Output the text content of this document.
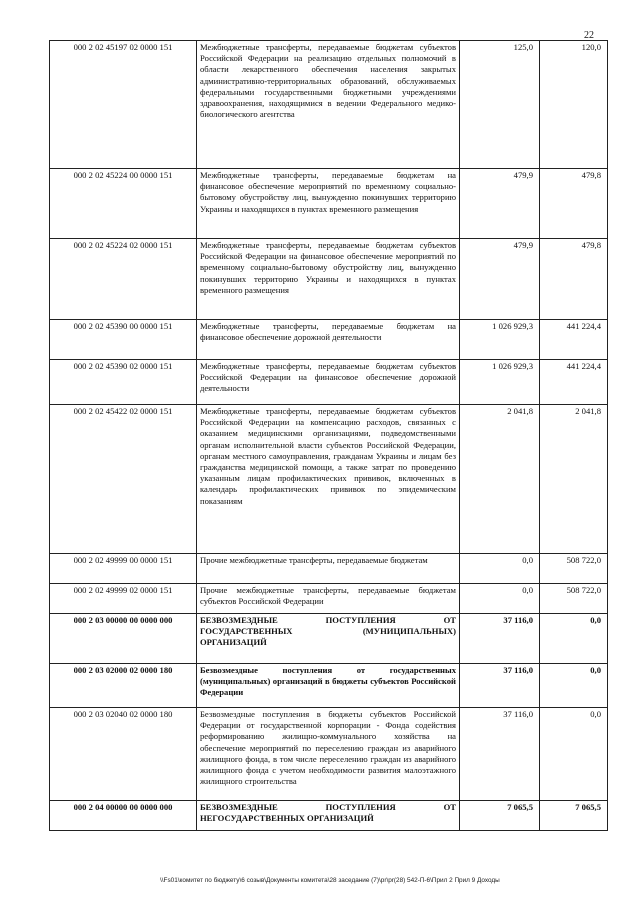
22
000 2 02 45197 02 0000 151	Межбюджетные трансферты, передаваемые бюджетам субъектов Российской Федерации на реализацию отдельных полномочий в области лекарственного обеспечения населения закрытых административно-территориальных образований, обслуживаемых федеральными государственными бюджетными учреждениями здравоохранения, находящимися в ведении Федерального медико-биологического агентства	125,0	120,0
000 2 02 45224 00 0000 151	Межбюджетные трансферты, передаваемые бюджетам на финансовое обеспечение мероприятий по временному социально-бытовому обустройству лиц, вынужденно покинувших территорию Украины и находящихся в пунктах временного размещения	479,9	479,8
000 2 02 45224 02 0000 151	Межбюджетные трансферты, передаваемые бюджетам субъектов Российской Федерации на финансовое обеспечение мероприятий по временному социально-бытовому обустройству лиц, вынужденно покинувших территорию Украины и находящихся в пунктах временного размещения	479,9	479,8
000 2 02 45390 00 0000 151	Межбюджетные трансферты, передаваемые бюджетам на финансовое обеспечение дорожной деятельности	1 026 929,3	441 224,4
000 2 02 45390 02 0000 151	Межбюджетные трансферты, передаваемые бюджетам субъектов Российской Федерации на финансовое обеспечение дорожной деятельности	1 026 929,3	441 224,4
000 2 02 45422 02 0000 151	Межбюджетные трансферты, передаваемые бюджетам субъектов Российской Федерации на компенсацию расходов, связанных с оказанием медицинскими организациями, подведомственными органам исполнительной власти субъектов Российской Федерации, органам местного самоуправления, гражданам Украины и лицам без гражданства медицинской помощи, а также затрат по проведению указанным лицам профилактических прививок, включенных в календарь профилактических прививок по эпидемическим показаниям	2 041,8	2 041,8
000 2 02 49999 00 0000 151	Прочие межбюджетные трансферты, передаваемые бюджетам	0,0	508 722,0
000 2 02 49999 02 0000 151	Прочие межбюджетные трансферты, передаваемые бюджетам субъектов Российской Федерации	0,0	508 722,0
000 2 03 00000 00 0000 000	БЕЗВОЗМЕЗДНЫЕ ПОСТУПЛЕНИЯ ОТ ГОСУДАРСТВЕННЫХ (МУНИЦИПАЛЬНЫХ) ОРГАНИЗАЦИЙ	37 116,0	0,0
000 2 03 02000 02 0000 180	Безвозмездные поступления от государственных (муниципальных) организаций в бюджеты субъектов Российской Федерации	37 116,0	0,0
000 2 03 02040 02 0000 180	Безвозмездные поступления в бюджеты субъектов Российской Федерации от государственной корпорации - Фонда содействия реформированию жилищно-коммунального хозяйства на обеспечение мероприятий по переселению граждан из аварийного жилищного фонда, в том числе переселению граждан из аварийного жилищного фонда с учетом необходимости развития малоэтажного жилищного строительства	37 116,0	0,0
000 2 04 00000 00 0000 000	БЕЗВОЗМЕЗДНЫЕ ПОСТУПЛЕНИЯ ОТ НЕГОСУДАРСТВЕННЫХ ОРГАНИЗАЦИЙ	7 065,5	7 065,5
\\Fs01\комитет по бюджету\6 созыв\Документы комитета\28 заседание (7)\pr\pr(28) 542-П-6\Прил 2 Прил 9 Доходы
